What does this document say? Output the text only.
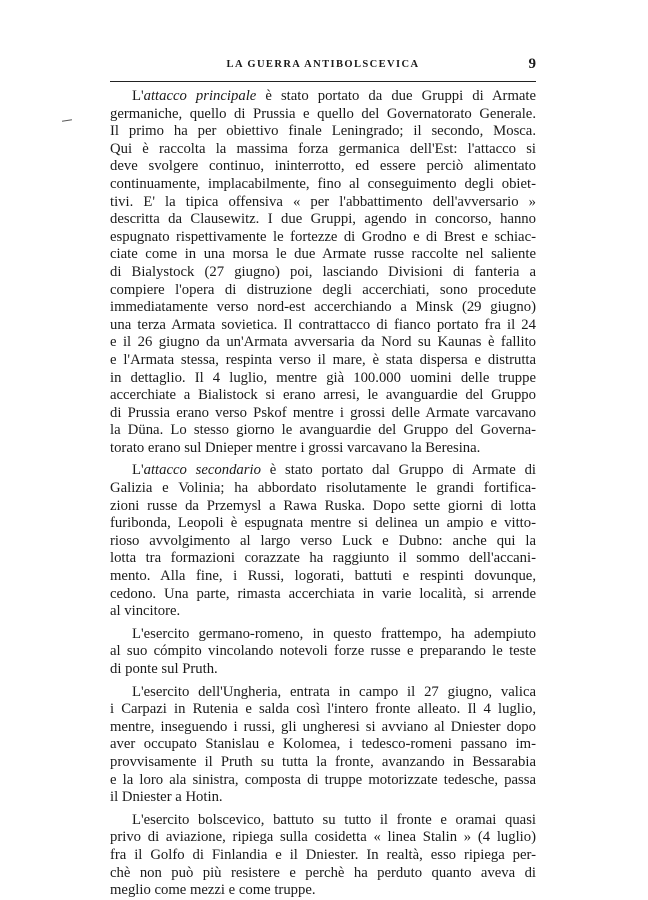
LA GUERRA ANTIBOLSCEVICA	9

L'attacco principale è stato portato da due Gruppi di Armate
germaniche, quello di Prussia e quello del Governatorato Generale.
Il primo ha per obiettivo finale Leningrado; il secondo, Mosca.
Qui è raccolta la massima forza germanica dell'Est: l'attacco si
deve svolgere continuo, ininterrotto, ed essere perciò alimentato
continuamente, implacabilmente, fino al conseguimento degli obiet-
tivi. E' la tipica offensiva « per l'abbattimento dell'avversario »
descritta da Clausewitz. I due Gruppi, agendo in concorso, hanno
espugnato rispettivamente le fortezze di Grodno e di Brest e schiac-
ciate come in una morsa le due Armate russe raccolte nel saliente
di Bialystock (27 giugno) poi, lasciando Divisioni di fanteria a
compiere l'opera di distruzione degli accerchiati, sono procedute
immediatamente verso nord-est accerchiando a Minsk (29 giugno)
una terza Armata sovietica. Il contrattacco di fianco portato fra il 24
e il 26 giugno da un'Armata avversaria da Nord su Kaunas è fallito
e l'Armata stessa, respinta verso il mare, è stata dispersa e distrutta
in dettaglio. Il 4 luglio, mentre già 100.000 uomini delle truppe
accerchiate a Bialistock si erano arresi, le avanguardie del Gruppo
di Prussia erano verso Pskof mentre i grossi delle Armate varcavano
la Düna. Lo stesso giorno le avanguardie del Gruppo del Governa-
torato erano sul Dnieper mentre i grossi varcavano la Beresina.

L'attacco secondario è stato portato dal Gruppo di Armate di
Galizia e Volinia; ha abbordato risolutamente le grandi fortifica-
zioni russe da Przemysl a Rawa Ruska. Dopo sette giorni di lotta
furibonda, Leopoli è espugnata mentre si delinea un ampio e vitto-
rioso avvolgimento al largo verso Luck e Dubno: anche qui la
lotta tra formazioni corazzate ha raggiunto il sommo dell'accani-
mento. Alla fine, i Russi, logorati, battuti e respinti dovunque,
cedono. Una parte, rimasta accerchiata in varie località, si arrende
al vincitore.

L'esercito germano-romeno, in questo frattempo, ha adempiuto
al suo cómpito vincolando notevoli forze russe e preparando le teste
di ponte sul Pruth.

L'esercito dell'Ungheria, entrata in campo il 27 giugno, valica
i Carpazi in Rutenia e salda così l'intero fronte alleato. Il 4 luglio,
mentre, inseguendo i russi, gli ungheresi si avviano al Dniester dopo
aver occupato Stanislau e Kolomea, i tedesco-romeni passano im-
provvisamente il Pruth su tutta la fronte, avanzando in Bessarabia
e la loro ala sinistra, composta di truppe motorizzate tedesche, passa
il Dniester a Hotin.

L'esercito bolscevico, battuto su tutto il fronte e oramai quasi
privo di aviazione, ripiega sulla cosidetta « linea Stalin » (4 luglio)
fra il Golfo di Finlandia e il Dniester. In realtà, esso ripiega per-
chè non può più resistere e perchè ha perduto quanto aveva di
meglio come mezzi e come truppe.
